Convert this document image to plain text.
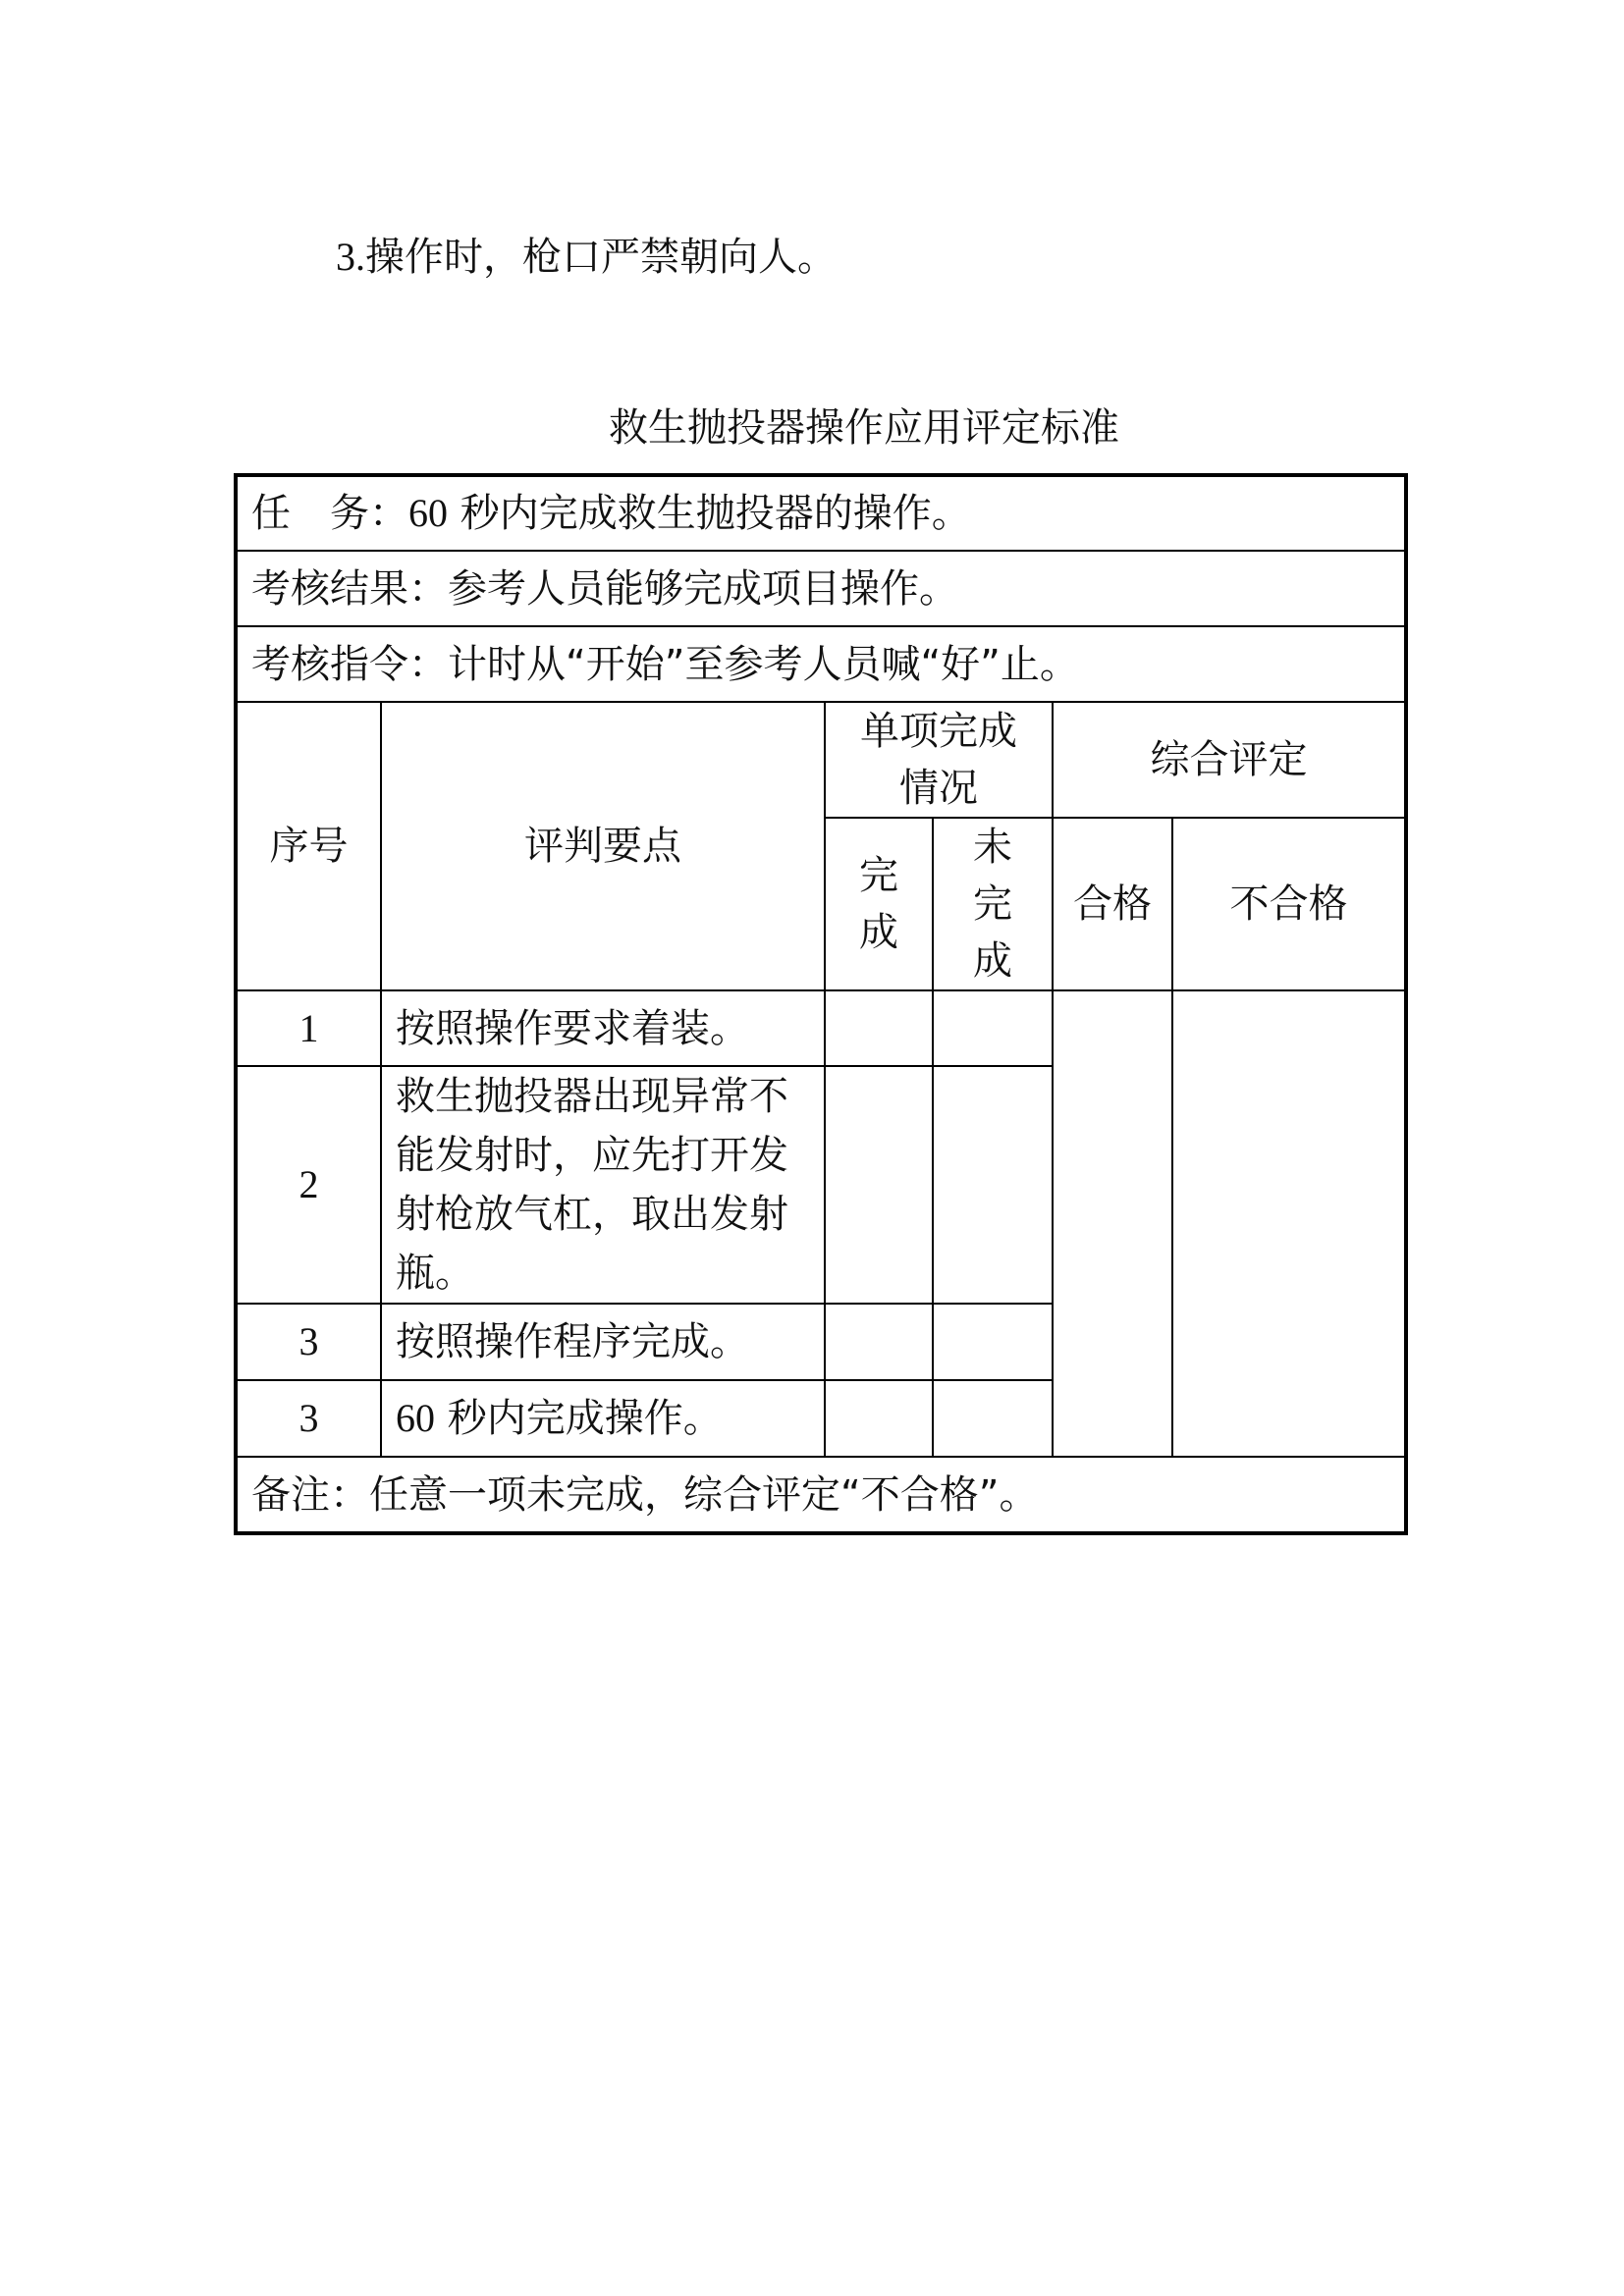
3.操作时，枪口严禁朝向人。
救生抛投器操作应用评定标准
任　务：60 秒内完成救生抛投器的操作。					
考核结果：参考人员能够完成项目操作。					
考核指令：计时从“开始”至参考人员喊“好”止。					
序号	评判要点	单项完成情况		综合评定	
		完成	未完成	合格	不合格
1	按照操作要求着装。				
2	救生抛投器出现异常不能发射时，应先打开发射枪放气杠，取出发射瓶。				
3	按照操作程序完成。				
3	60 秒内完成操作。				
备注：任意一项未完成，综合评定“不合格”。					
